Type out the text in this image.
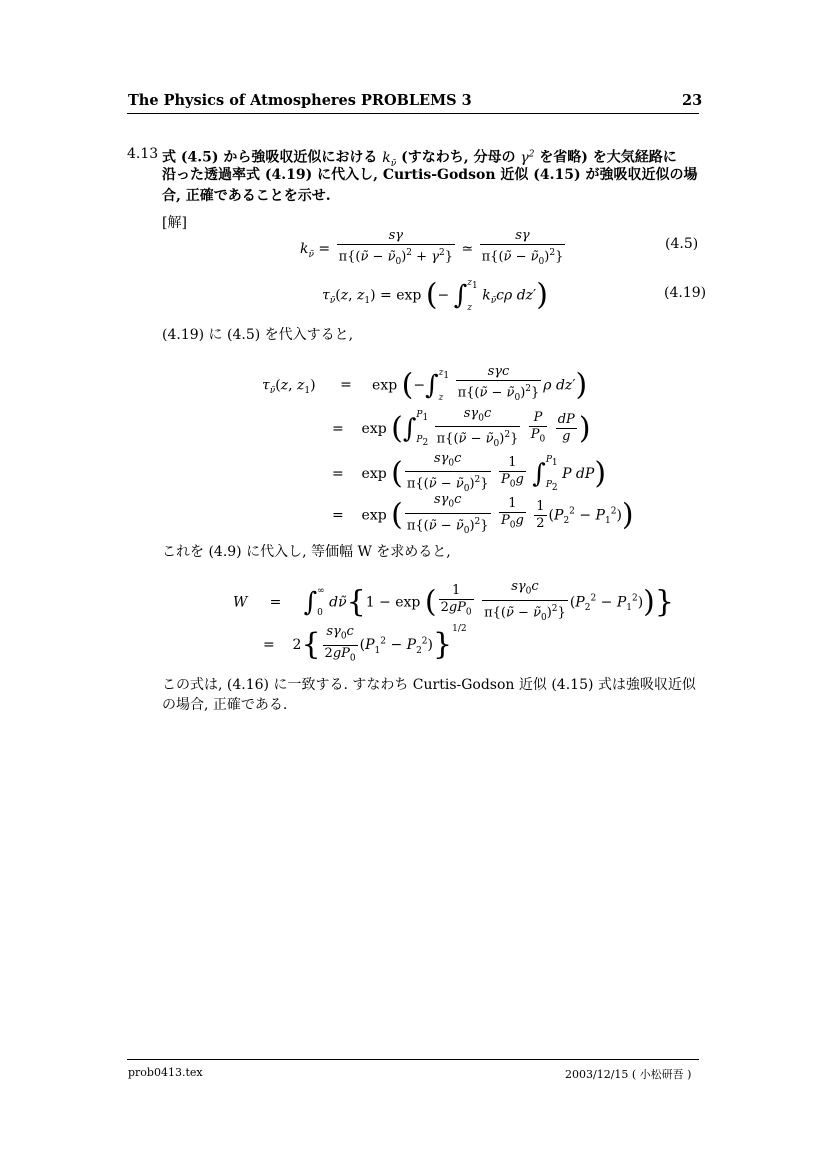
The Physics of Atmospheres PROBLEMS 3	23
4.13 式 (4.5) から強吸収近似における $k_{\nũ}$ (すなわち, 分母の $\gamma^2$ を省略) を大気経路に
沿った透過率式 (4.19) に代入し, Curtis-Godson 近似 (4.15) が強吸収近似の場
合, 正確であることを示せ.
[解]
$k_{\nũ} = \frac{s\gamma}{\pi\{(\nũ - \nũ_0)^2 + \gamma^2\}}$ ≃ $\frac{s\gamma}{\pi\{(\nũ - \nũ_0)^2\}}$	(4.5)
$\tau_{\nũ}(z$, $z_1) = \exp$ (− $\int z_1$
z $k_{\nũ}c\rho$ dz′)	(4.19)
(4.19) に (4.5) を代入すると,
$\tau_{\nũ}(z$, $z_1) = \exp (-\int z_1$
z $\frac{\text{sγc}}{\pi\{(\nũ - \nũ_0)^2\}}$ ρ dz′)
=    $\exp (\int P_1$
$P_2 \frac{s\gamma_0c}{\pi\{(\nũ - \nũ_0)^2\}}$
$\frac{P}{P_0}$
$\frac{dP}{g}$ )
=    exp ( $\frac{s\gamma_0c}{\pi\{(\nũ - \nũ_0)^2\}}$
$\frac{1}{P_0g} \int P_1$
$P_2$ P dP)
=    exp ( $\frac{s\gamma_0c}{\pi\{(\nũ - \nũ_0)^2\}}$
$\frac{1}{P_0g}$
$\frac{1}{2} (P_2^2 - P_1^2)$)
これを (4.9) に代入し, 等価幅 W を求めると,
W     =     ∫∞
0 dν̃{1 − exp ( $\frac{1}{2gP_0}$
$\frac{s\gamma_0c}{\pi\{(\nũ - \nũ_0)^2\}} (P_2^2 - P_1^2)$)}
=    $2\{ \frac{s\gamma_0c}{2gP_0} (P_1^2 - P_2^2)\}^{1/2}$
この式は, (4.16) に一致する. すなわち Curtis-Godson 近似 (4.15) 式は強吸収近似
の場合, 正確である.
prob0413.tex	2003/12/15 ( 小松研吾 )
